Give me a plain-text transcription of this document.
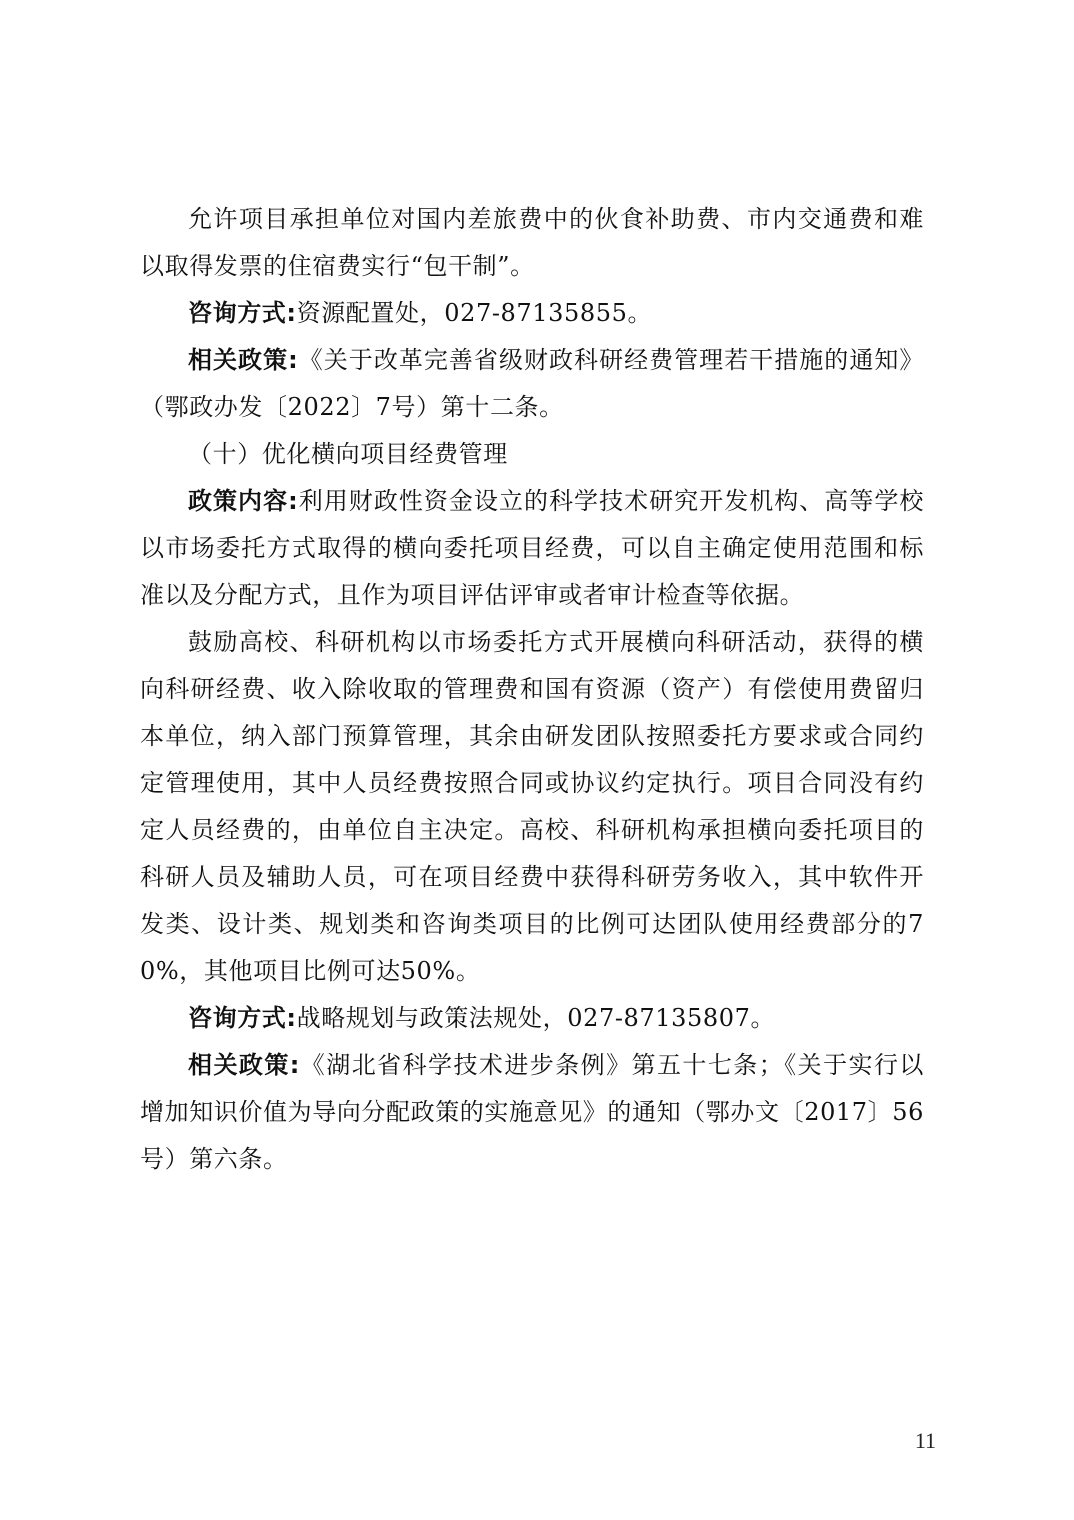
允许项目承担单位对国内差旅费中的伙食补助费、市内交通费和难以取得发票的住宿费实行“包干制”。

咨询方式:资源配置处，027-87135855。

相关政策:《关于改革完善省级财政科研经费管理若干措施的通知》（鄂政办发〔2022〕7号）第十二条。

（十）优化横向项目经费管理

政策内容:利用财政性资金设立的科学技术研究开发机构、高等学校以市场委托方式取得的横向委托项目经费，可以自主确定使用范围和标准以及分配方式，且作为项目评估评审或者审计检查等依据。

鼓励高校、科研机构以市场委托方式开展横向科研活动，获得的横向科研经费、收入除收取的管理费和国有资源（资产）有偿使用费留归本单位，纳入部门预算管理，其余由研发团队按照委托方要求或合同约定管理使用，其中人员经费按照合同或协议约定执行。项目合同没有约定人员经费的，由单位自主决定。高校、科研机构承担横向委托项目的科研人员及辅助人员，可在项目经费中获得科研劳务收入，其中软件开发类、设计类、规划类和咨询类项目的比例可达团队使用经费部分的70%，其他项目比例可达50%。

咨询方式:战略规划与政策法规处，027-87135807。

相关政策:《湖北省科学技术进步条例》第五十七条；《关于实行以增加知识价值为导向分配政策的实施意见》的通知（鄂办文〔2017〕56号）第六条。

11
